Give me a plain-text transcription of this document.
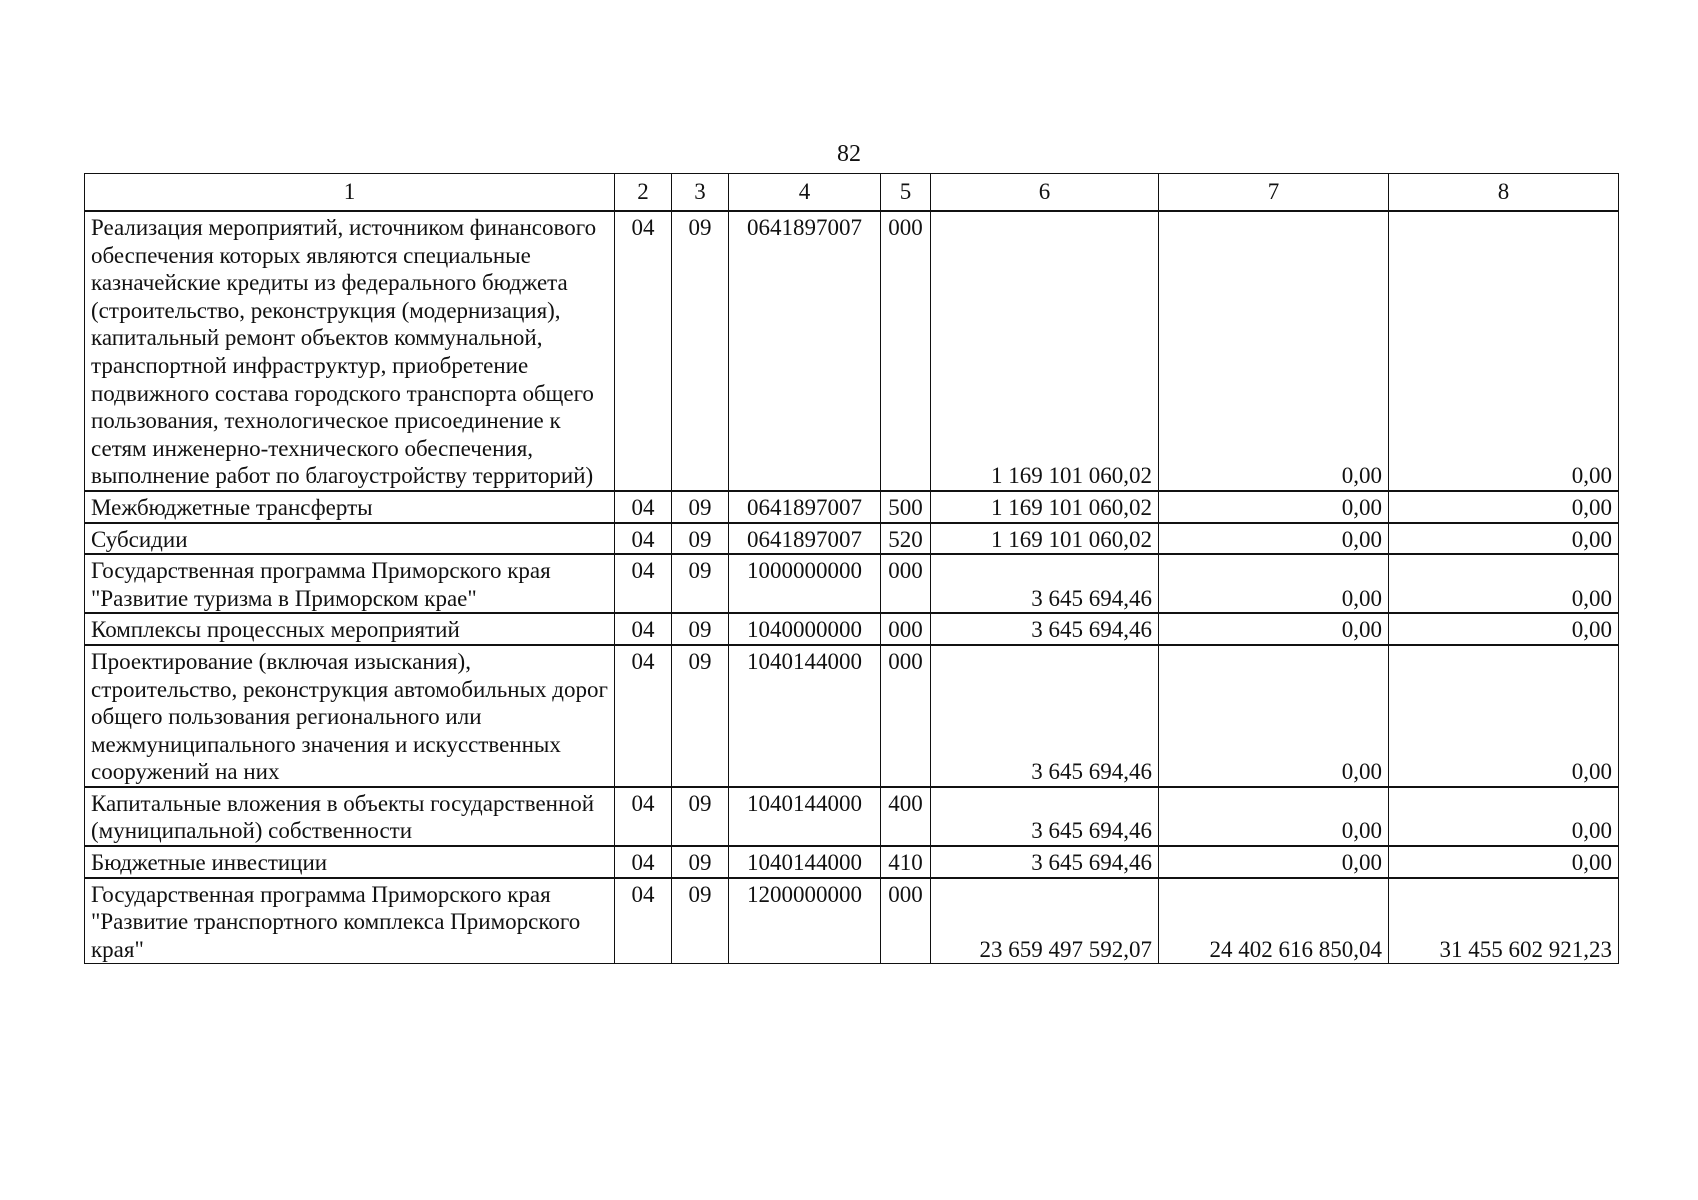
82
1	2	3	4	5	6	7	8
Реализация мероприятий, источником финансового обеспечения которых являются специальные казначейские кредиты из федерального бюджета (строительство, реконструкция (модернизация), капитальный ремонт объектов коммунальной, транспортной инфраструктур, приобретение подвижного состава городского транспорта общего пользования, технологическое присоединение к сетям инженерно-технического обеспечения, выполнение работ по благоустройству территорий)	04	09	0641897007	000	1 169 101 060,02	0,00	0,00
Межбюджетные трансферты	04	09	0641897007	500	1 169 101 060,02	0,00	0,00
Субсидии	04	09	0641897007	520	1 169 101 060,02	0,00	0,00
Государственная программа Приморского края "Развитие туризма в Приморском крае"	04	09	1000000000	000	3 645 694,46	0,00	0,00
Комплексы процессных мероприятий	04	09	1040000000	000	3 645 694,46	0,00	0,00
Проектирование (включая изыскания), строительство, реконструкция автомобильных дорог общего пользования регионального или межмуниципального значения и искусственных сооружений на них	04	09	1040144000	000	3 645 694,46	0,00	0,00
Капитальные вложения в объекты государственной (муниципальной) собственности	04	09	1040144000	400	3 645 694,46	0,00	0,00
Бюджетные инвестиции	04	09	1040144000	410	3 645 694,46	0,00	0,00
Государственная программа Приморского края "Развитие транспортного комплекса Приморского края"	04	09	1200000000	000	23 659 497 592,07	24 402 616 850,04	31 455 602 921,23
